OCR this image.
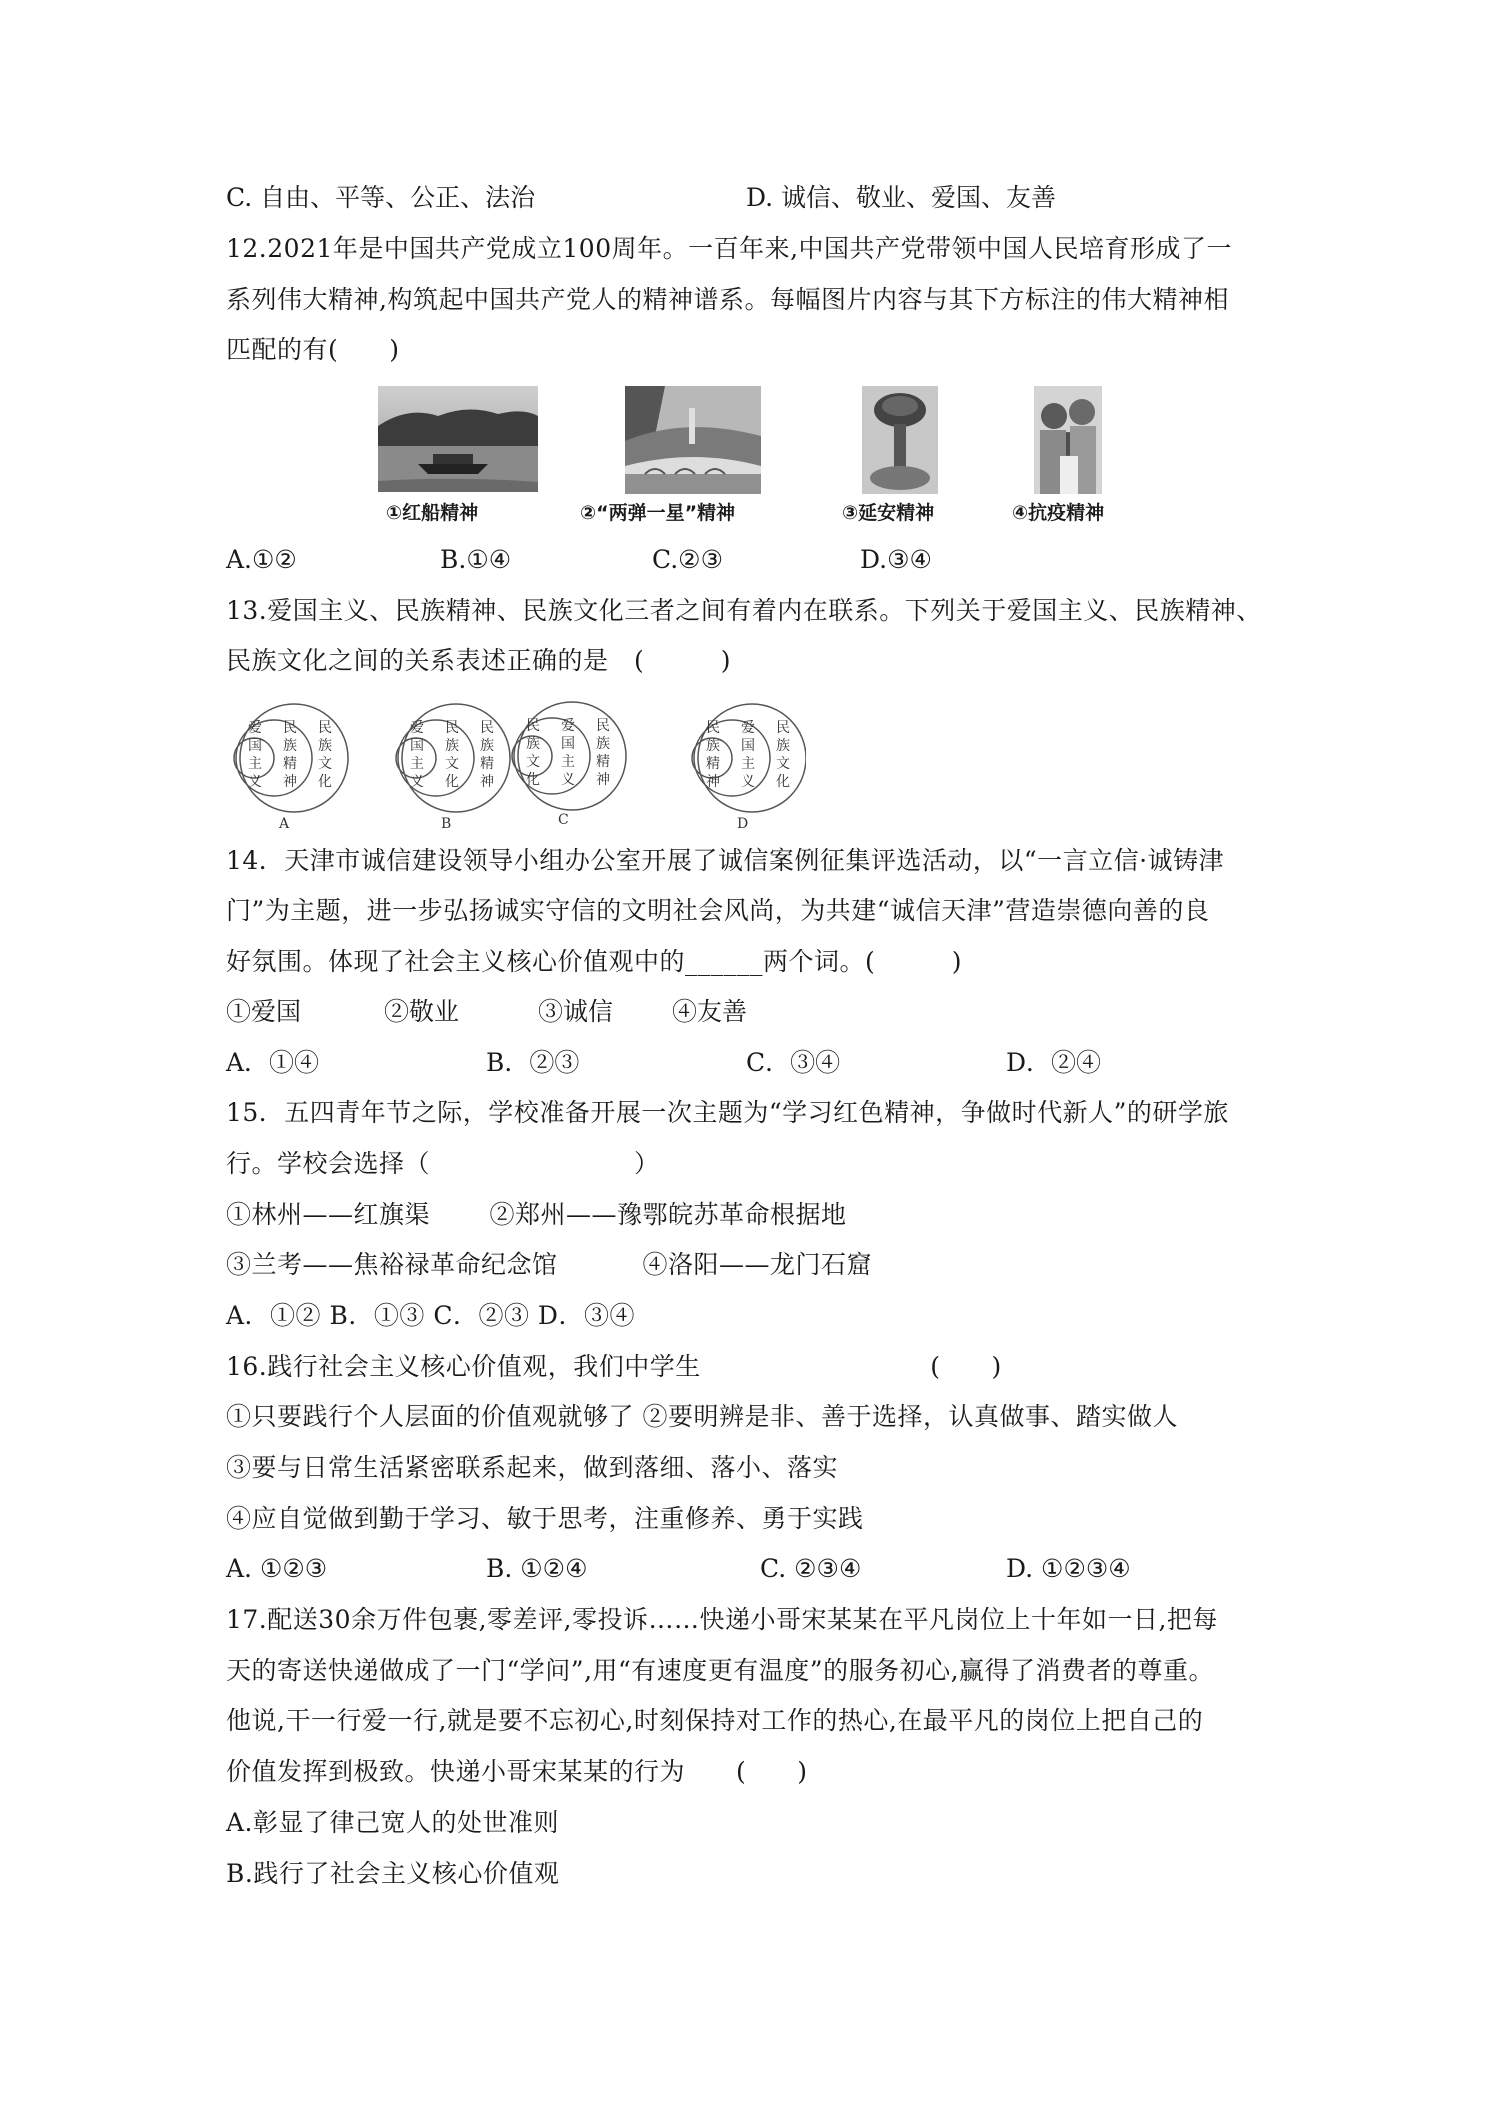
C. 自由、平等、公正、法治	D. 诚信、敬业、爱国、友善
12.2021年是中国共产党成立100周年。一百年来,中国共产党带领中国人民培育形成了一
系列伟大精神,构筑起中国共产党人的精神谱系。每幅图片内容与其下方标注的伟大精神相
匹配的有(　　)
①红船精神	②“两弹一星”精神	③延安精神	④抗疫精神
A.①②	B.①④	C.②③	D.③④
13.爱国主义、民族精神、民族文化三者之间有着内在联系。下列关于爱国主义、民族精神、
民族文化之间的关系表述正确的是　(　　　)
爱
国
主
义
民
族
精
神
民
族
文
化
A
爱
国
主
义
民
族
文
化
民
族
精
神
B
民
族
文
化
爱
国
主
义
民
族
精
神
C
民
族
精
神
爱
国
主
义
民
族
文
化
D
14．天津市诚信建设领导小组办公室开展了诚信案例征集评选活动，以“一言立信·诚铸津
门”为主题，进一步弘扬诚实守信的文明社会风尚，为共建“诚信天津”营造崇德向善的良
好氛围。体现了社会主义核心价值观中的______两个词。(　　　)
①爱国	②敬业	③诚信 ④友善
A．①④	B．②③	C．③④	D．②④
15．五四青年节之际，学校准备开展一次主题为“学习红色精神，争做时代新人”的研学旅
行。学校会选择（　　　　　　　　）
①林州——红旗渠　　 ②郑州——豫鄂皖苏革命根据地
③兰考——焦裕禄革命纪念馆　　　 ④洛阳——龙门石窟
A．①② B．①③ C．②③ D．③④
16.践行社会主义核心价值观，我们中学生　　　　　　　　　(　　)
①只要践行个人层面的价值观就够了 ②要明辨是非、善于选择，认真做事、踏实做人
③要与日常生活紧密联系起来，做到落细、落小、落实
④应自觉做到勤于学习、敏于思考，注重修养、勇于实践
A. ①②③	B. ①②④	C. ②③④	D. ①②③④
17.配送30余万件包裹,零差评,零投诉……快递小哥宋某某在平凡岗位上十年如一日,把每
天的寄送快递做成了一门“学问”,用“有速度更有温度”的服务初心,赢得了消费者的尊重。
他说,干一行爱一行,就是要不忘初心,时刻保持对工作的热心,在最平凡的岗位上把自己的
价值发挥到极致。快递小哥宋某某的行为　　(　　)
A.彰显了律己宽人的处世准则
B.践行了社会主义核心价值观
